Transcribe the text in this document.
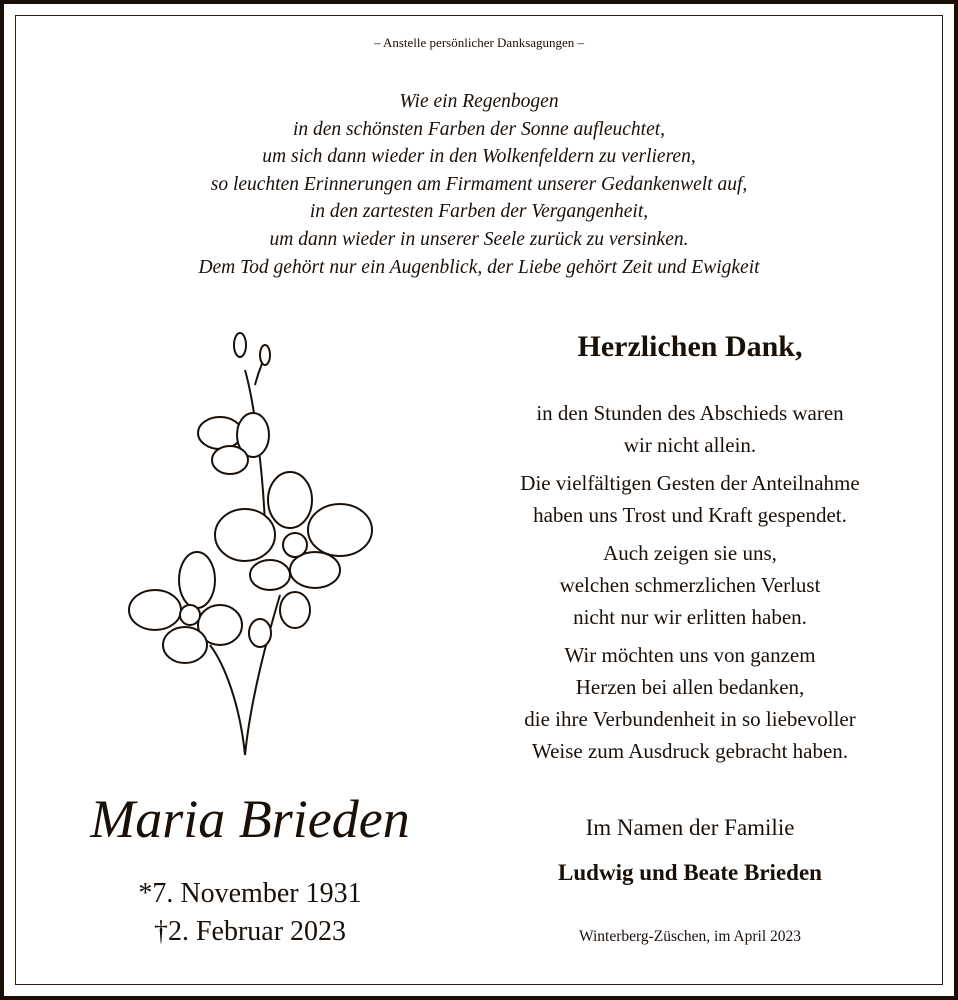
– Anstelle persönlicher Danksagungen –
Wie ein Regenbogen
in den schönsten Farben der Sonne aufleuchtet,
um sich dann wieder in den Wolkenfeldern zu verlieren,
so leuchten Erinnerungen am Firmament unserer Gedankenwelt auf,
in den zartesten Farben der Vergangenheit,
um dann wieder in unserer Seele zurück zu versinken.
Dem Tod gehört nur ein Augenblick, der Liebe gehört Zeit und Ewigkeit
Maria Brieden
*7. November 1931
†2. Februar 2023
Herzlichen Dank,

in den Stunden des Abschieds waren
wir nicht allein.

Die vielfältigen Gesten der Anteilnahme
haben uns Trost und Kraft gespendet.

Auch zeigen sie uns,
welchen schmerzlichen Verlust
nicht nur wir erlitten haben.

Wir möchten uns von ganzem
Herzen bei allen bedanken,
die ihre Verbundenheit in so liebevoller
Weise zum Ausdruck gebracht haben.

Im Namen der Familie
Ludwig und Beate Brieden
Winterberg-Züschen, im April 2023
